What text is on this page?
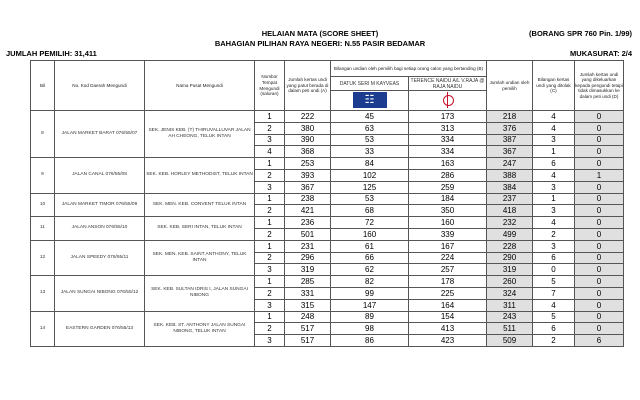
HELAIAN MATA (SCORE SHEET)
BAHAGIAN PILIHAN RAYA NEGERI: N.55 PASIR BEDAMAR
(BORANG SPR 760 Pin. 1/99)
JUMLAH PEMILIH: 31,411	MUKASURAT: 2/4
Bil	No. Kod Daerah Mengundi	Nama Pusat Mengundi	Nombor Tempat Mengundi (saluran)	Jumlah kertas undi yang patut berada di dalam peti undi (A)	Bilangan undian oleh pemilih bagi setiap orang calon yang bertanding (B)		Jumlah undian oleh pemilih	Bilangan kertas undi yang ditolak (C)	Jumlah kertas undi yang dikeluarkan kepada pengundi tetapi tidak dimasukkan ke dalam peti undi (D)
					DATUK SERI M KAYVEAS	TERENCE NAIDU A/L V.RAJA @ RAJA NAIDU			

					☷				

8	JALAN MARKET BARAT 076/55/07	SEK. JENIS KEB. (T) THIRUVALLUVAR JALAN AH CHEONG, TELUK INTAN	1	222	45	173	218	4	0
			2	380	63	313	376	4	0
			3	390	53	334	387	3	0
			4	368	33	334	367	1	0
9	JALAN CANAL 076/55/08	SEK. KEB. HORLEY METHODIST, TELUK INTAN	1	253	84	163	247	6	0
			2	393	102	286	388	4	1
			3	367	125	259	384	3	0
10	JALAN MARKET TIMOR 076/55/09	SEK. MEN. KEB. CONVENT TELUK INTAN	1	238	53	184	237	1	0
			2	421	68	350	418	3	0
11	JALAN ANSON 076/55/10	SEK. KEB. SERI INTAN, TELUK INTAN	1	236	72	160	232	4	0
			2	501	160	339	499	2	0
12	JALAN SPEEDY 076/55/11	SEK. MEN. KEB. SAINT ANTHONY, TELUK INTAN	1	231	61	167	228	3	0
			2	296	66	224	290	6	0
			3	319	62	257	319	0	0
13	JALAN SUNGAI NIBONG 076/55/12	SEK. KEB. SULTAN IDRIS I, JALAN SUNGAI NIBONG	1	285	82	178	260	5	0
			2	331	99	225	324	7	0
			3	315	147	164	311	4	0
14	EASTERN GARDEN 076/55/13	SEK. KEB. ST. ANTHONY JALAN SUNGAI NIBONG, TELUK INTAN	1	248	89	154	243	5	0
			2	517	98	413	511	6	0
			3	517	86	423	509	2	6
